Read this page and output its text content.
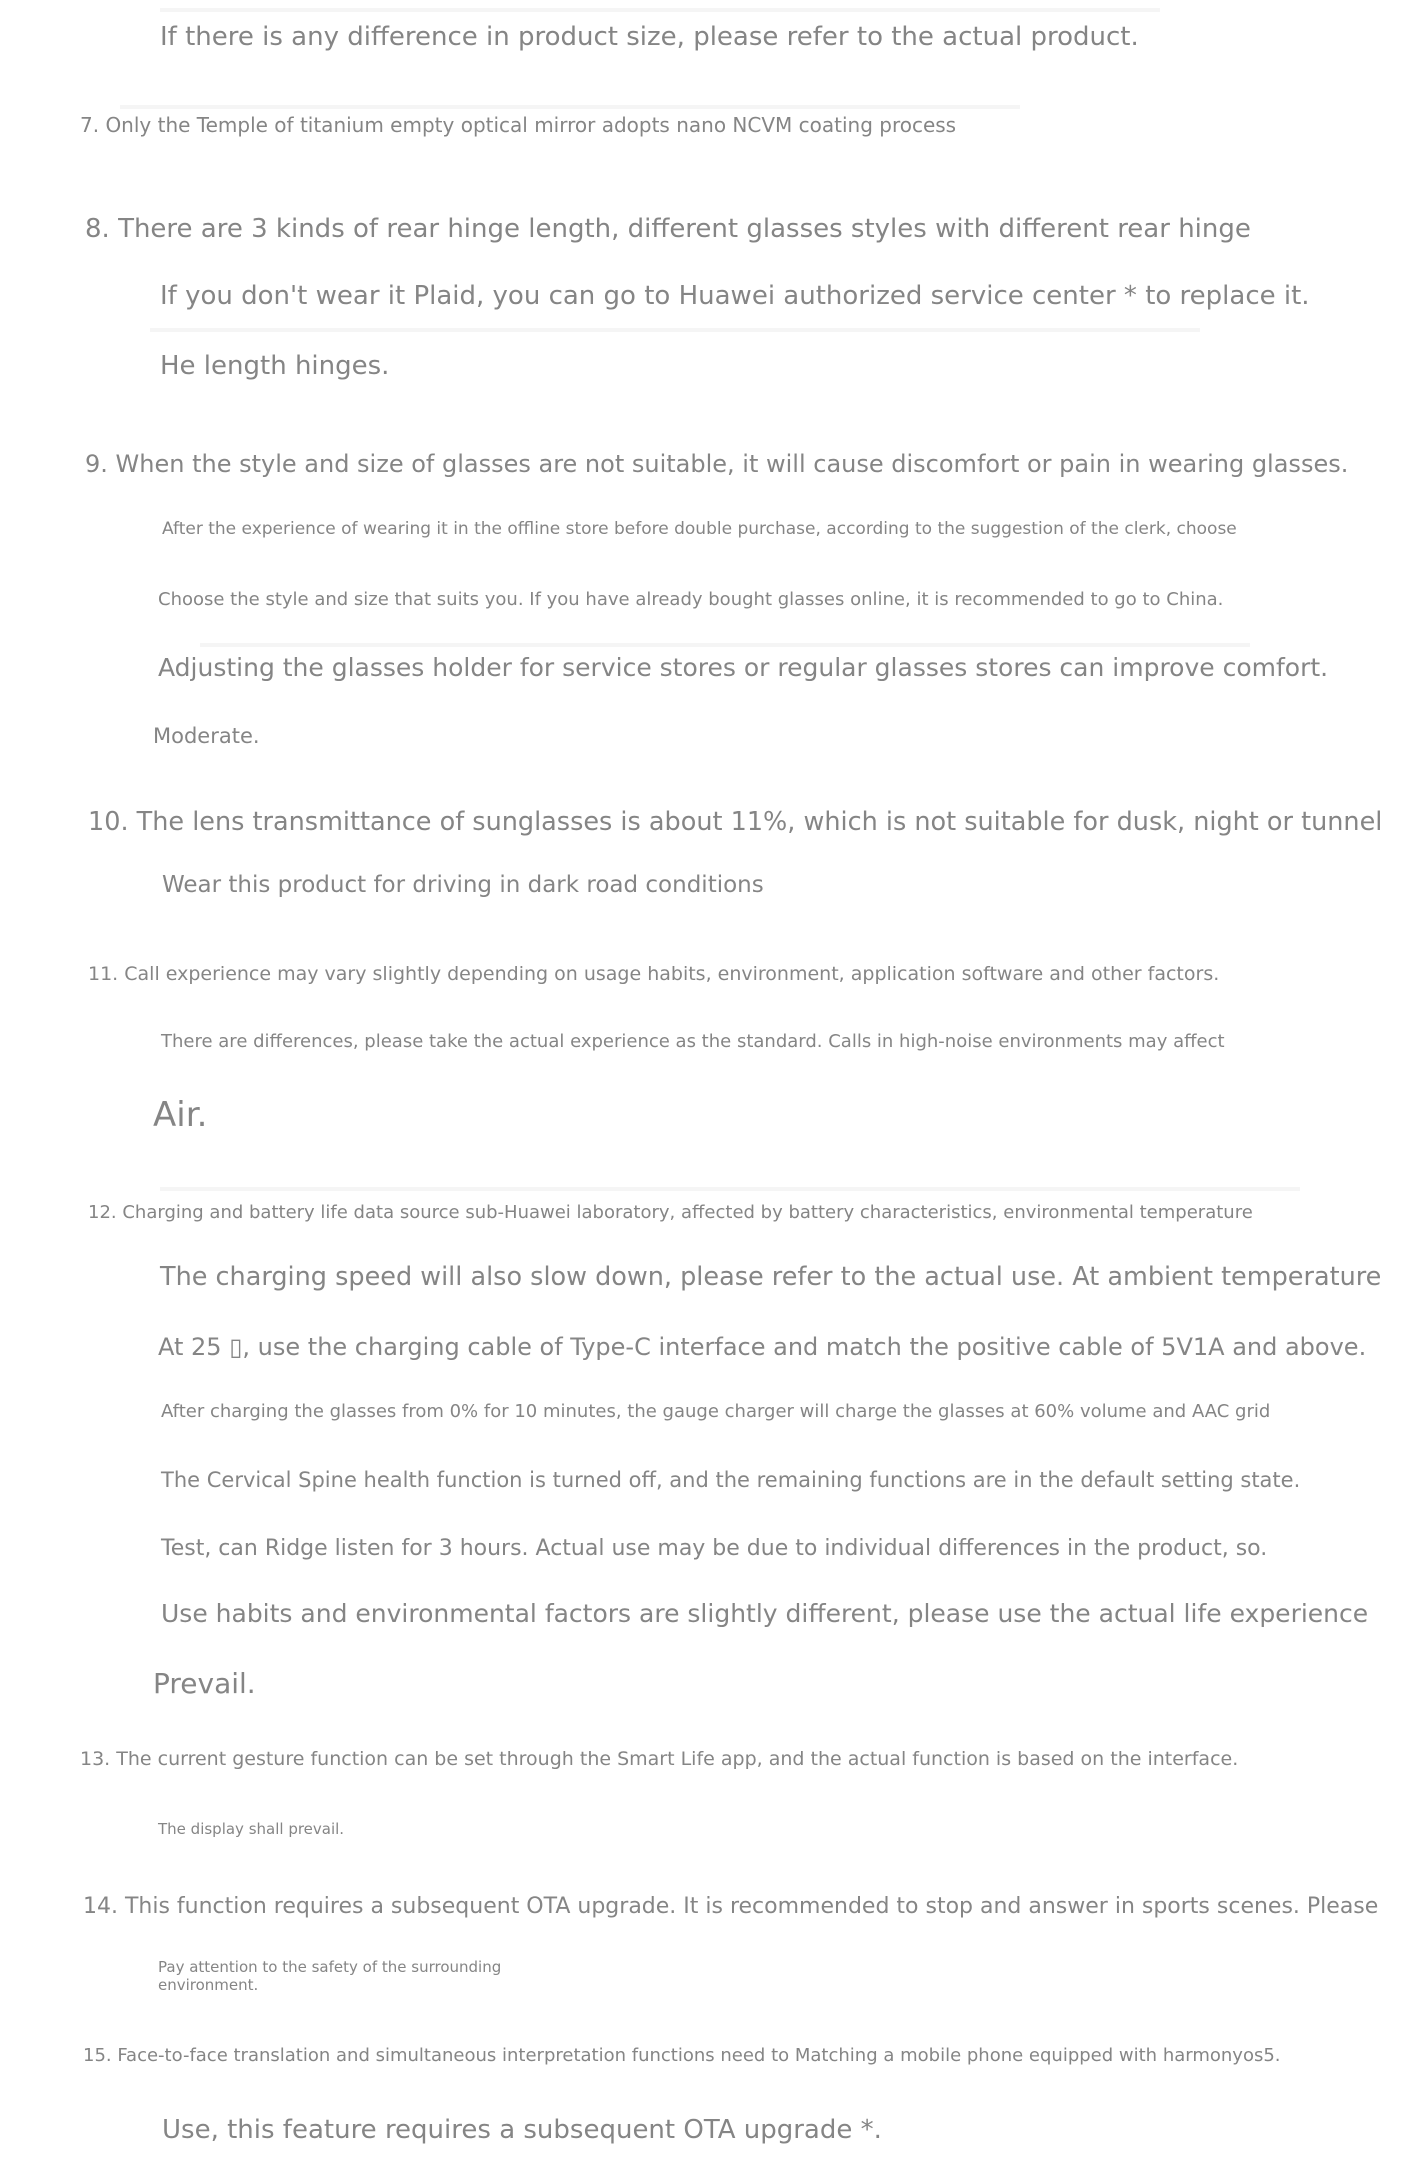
If there is any difference in product size, please refer to the actual product.
7. Only the Temple of titanium empty optical mirror adopts nano NCVM coating process
8. There are 3 kinds of rear hinge length, different glasses styles with different rear hinge
If you don't wear it Plaid, you can go to Huawei authorized service center * to replace it.
He length hinges.
9. When the style and size of glasses are not suitable, it will cause discomfort or pain in wearing glasses.
After the experience of wearing it in the offline store before double purchase, according to the suggestion of the clerk, choose
Choose the style and size that suits you. If you have already bought glasses online, it is recommended to go to China.
Adjusting the glasses holder for service stores or regular glasses stores can improve comfort.
Moderate.
10. The lens transmittance of sunglasses is about 11%, which is not suitable for dusk, night or tunnel
Wear this product for driving in dark road conditions
11. Call experience may vary slightly depending on usage habits, environment, application software and other factors.
There are differences, please take the actual experience as the standard. Calls in high-noise environments may affect
Air.
12. Charging and battery life data source sub-Huawei laboratory, affected by battery characteristics, environmental temperature
The charging speed will also slow down, please refer to the actual use. At ambient temperature
At 25 ▯, use the charging cable of Type-C interface and match the positive cable of 5V1A and above.
After charging the glasses from 0% for 10 minutes, the gauge charger will charge the glasses at 60% volume and AAC grid
The Cervical Spine health function is turned off, and the remaining functions are in the default setting state.
Test, can Ridge listen for 3 hours. Actual use may be due to individual differences in the product, so.
Use habits and environmental factors are slightly different, please use the actual life experience
Prevail.
13. The current gesture function can be set through the Smart Life app, and the actual function is based on the interface.
The display shall prevail.
14. This function requires a subsequent OTA upgrade. It is recommended to stop and answer in sports scenes. Please
Pay attention to the safety of the surrounding
environment.
15. Face-to-face translation and simultaneous interpretation functions need to Matching a mobile phone equipped with harmonyos5.
Use, this feature requires a subsequent OTA upgrade *.
